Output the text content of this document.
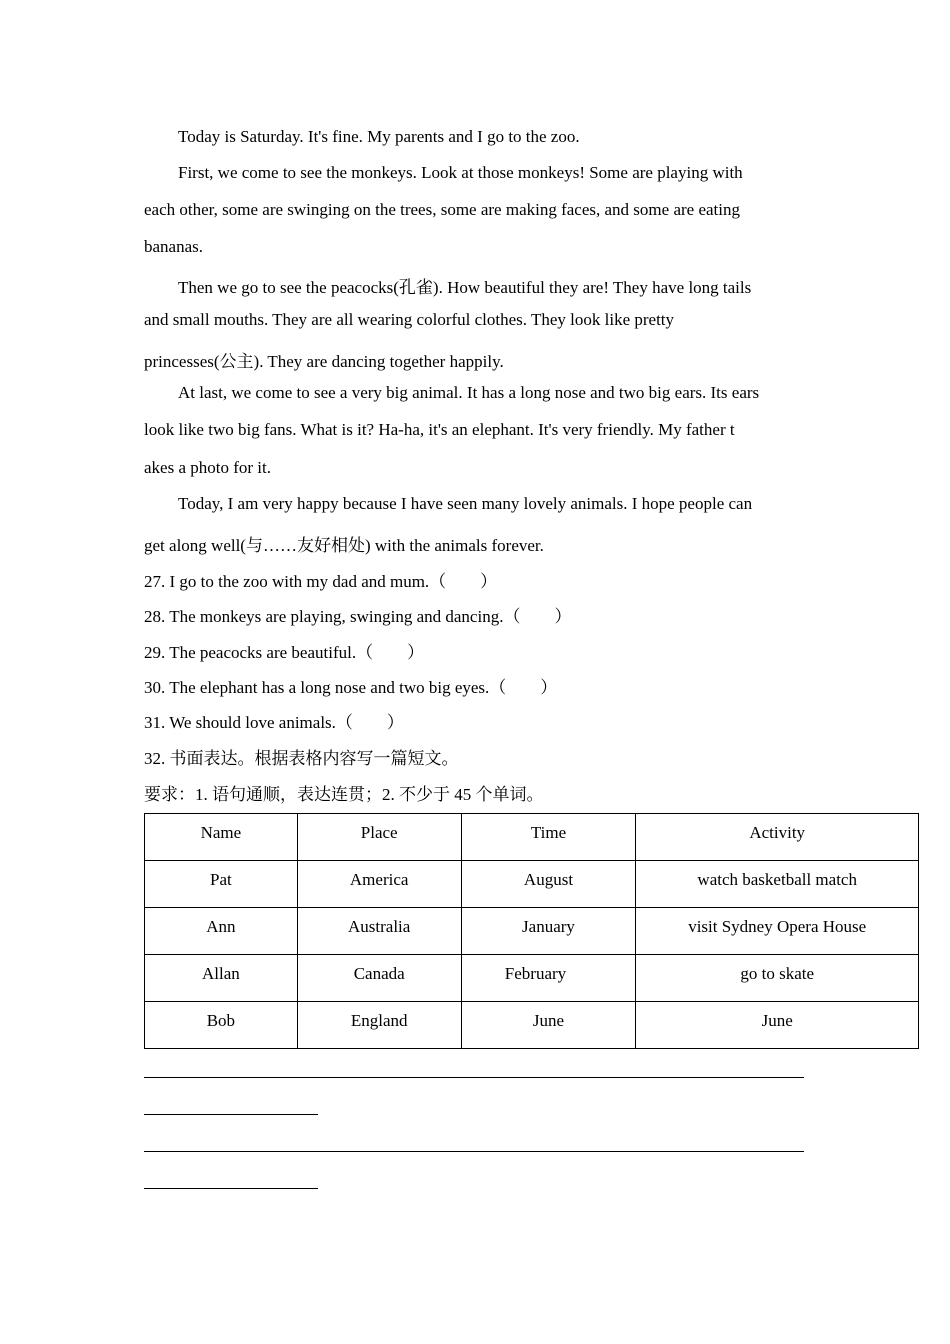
Today is Saturday. It's fine. My parents and I go to the zoo.
First, we come to see the monkeys. Look at those monkeys! Some are playing with
each other, some are swinging on the trees, some are making faces, and some are eating
bananas.
Then we go to see the peacocks(孔雀). How beautiful they are! They have long tails
and small mouths. They are all wearing colorful clothes. They look like pretty
princesses(公主). They are dancing together happily.
At last, we come to see a very big animal. It has a long nose and two big ears. Its ears
look like two big fans. What is it? Ha-ha, it's an elephant. It's very friendly. My father t
akes a photo for it.
Today, I am very happy because I have seen many lovely animals. I hope people can
get along well(与……友好相处) with the animals forever.
27. I go to the zoo with my dad and mum.（　　）
28. The monkeys are playing, swinging and dancing.（　　）
29. The peacocks are beautiful.（　　）
30. The elephant has a long nose and two big eyes.（　　）
31. We should love animals.（　　）
32. 书面表达。根据表格内容写一篇短文。
要求：1. 语句通顺，表达连贯；2. 不少于 45 个单词。
Name	Place	Time	Activity
Pat	America	August	watch basketball match
Ann	Australia	January	visit Sydney Opera House
Allan	Canada	February	go to skate
Bob	England	June	June
